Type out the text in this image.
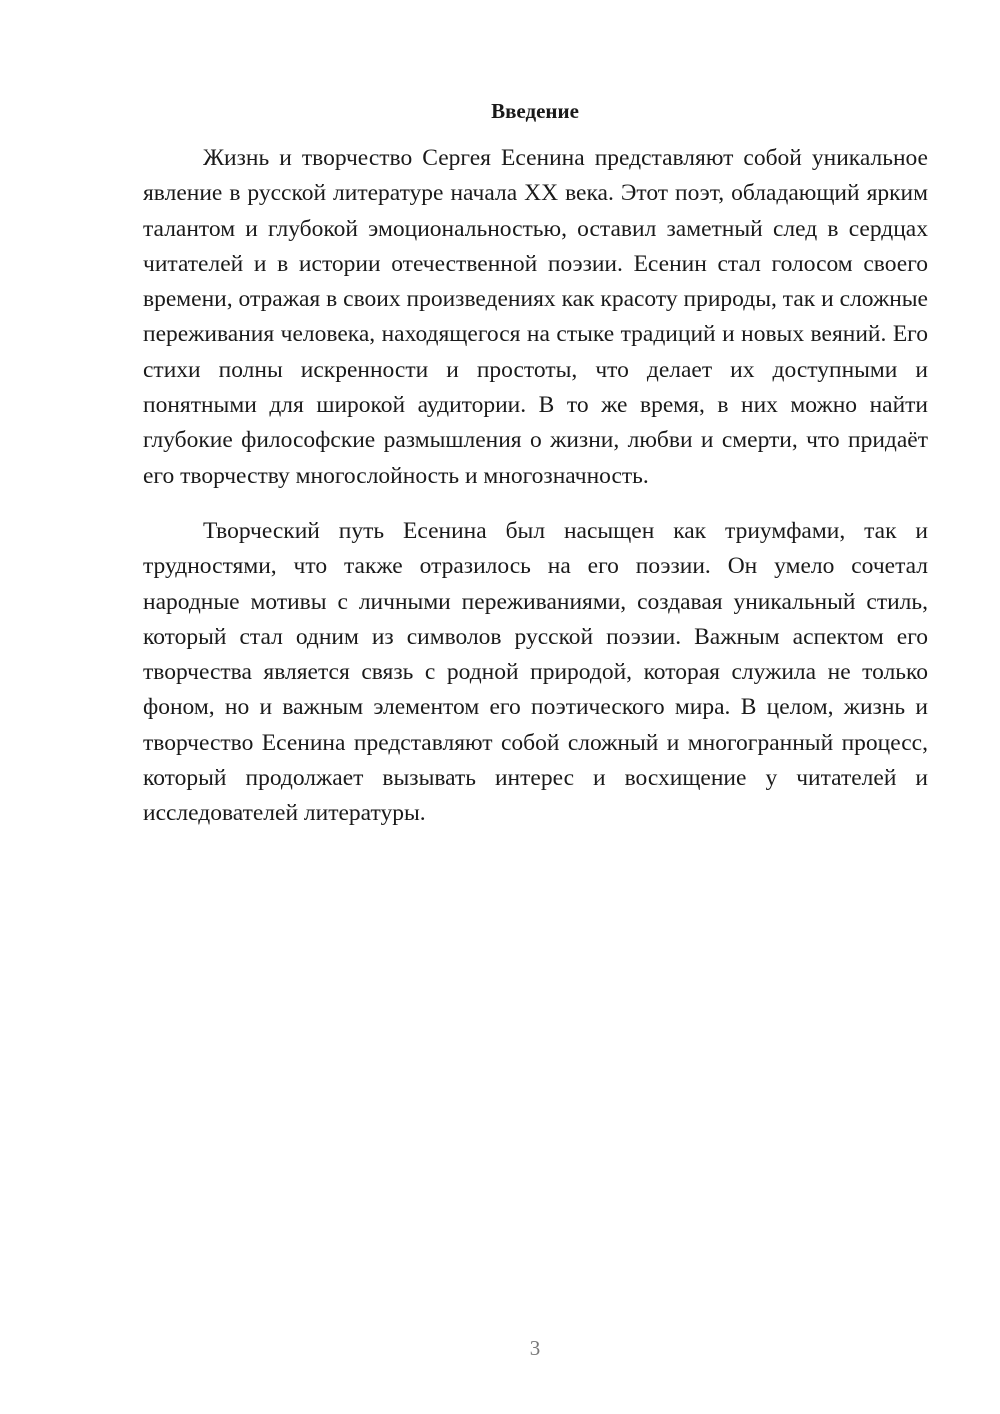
Введение

Жизнь и творчество Сергея Есенина представляют собой уникальное явление в русской литературе начала XX века. Этот поэт, обладающий ярким талантом и глубокой эмоциональностью, оставил заметный след в сердцах читателей и в истории отечественной поэзии. Есенин стал голосом своего времени, отражая в своих произведениях как красоту природы, так и сложные переживания человека, находящегося на стыке традиций и новых веяний. Его стихи полны искренности и простоты, что делает их доступными и понятными для широкой аудитории. В то же время, в них можно найти глубокие философские размышления о жизни, любви и смерти, что придаёт его творчеству многослойность и многозначность.

Творческий путь Есенина был насыщен как триумфами, так и трудностями, что также отразилось на его поэзии. Он умело сочетал народные мотивы с личными переживаниями, создавая уникальный стиль, который стал одним из символов русской поэзии. Важным аспектом его творчества является связь с родной природой, которая служила не только фоном, но и важным элементом его поэтического мира. В целом, жизнь и творчество Есенина представляют собой сложный и многогранный процесс, который продолжает вызывать интерес и восхищение у читателей и исследователей литературы.

3
